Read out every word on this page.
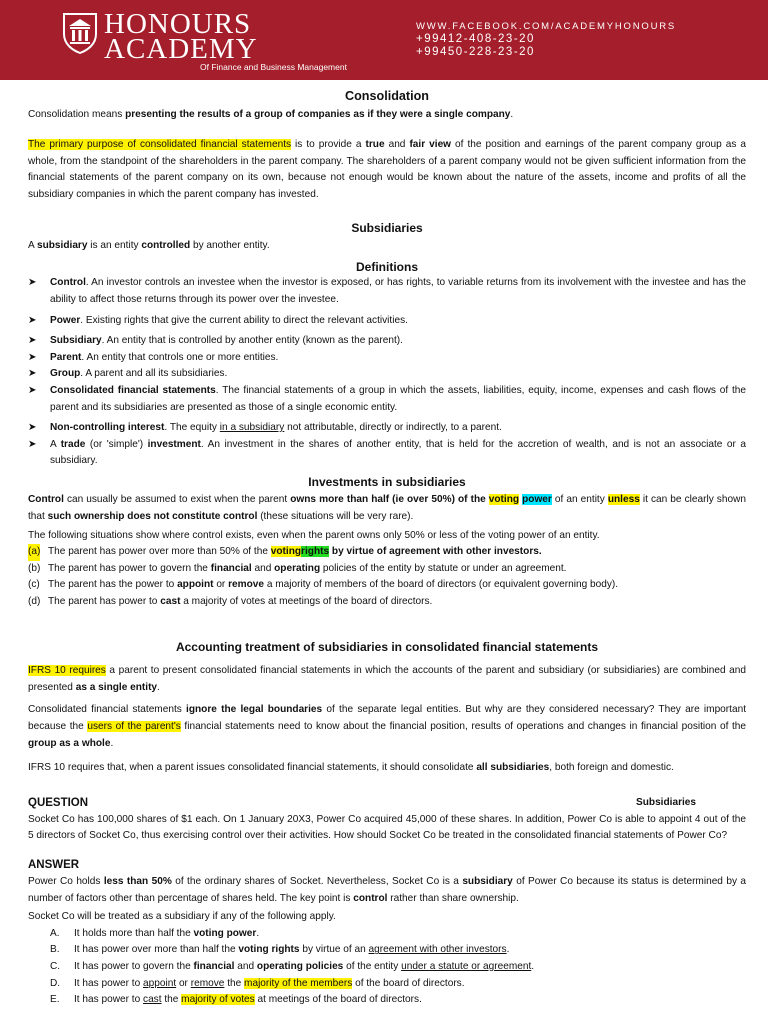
HONOURS
ACADEMY
Of Finance and Business Management
WWW.FACEBOOK.COM/ACADEMYHONOURS
+99412-408-23-20
+99450-228-23-20

Consolidation

Consolidation means presenting the results of a group of companies as if they were a single company.

The primary purpose of consolidated financial statements is to provide a true and fair view of the position and earnings of the parent company group as a whole, from the standpoint of the shareholders in the parent company. The shareholders of a parent company would not be given sufficient information from the financial statements of the parent company on its own, because not enough would be known about the nature of the assets, income and profits of all the subsidiary companies in which the parent company has invested.

Subsidiaries

A subsidiary is an entity controlled by another entity.

Definitions

➤ Control. An investor controls an investee when the investor is exposed, or has rights, to variable returns from its involvement with the investee and has the ability to affect those returns through its power over the investee.
➤ Power. Existing rights that give the current ability to direct the relevant activities.
➤ Subsidiary. An entity that is controlled by another entity (known as the parent).
➤ Parent. An entity that controls one or more entities.
➤ Group. A parent and all its subsidiaries.
➤ Consolidated financial statements. The financial statements of a group in which the assets, liabilities, equity, income, expenses and cash flows of the parent and its subsidiaries are presented as those of a single economic entity.
➤ Non-controlling interest. The equity in a subsidiary not attributable, directly or indirectly, to a parent.
➤ A trade (or 'simple') investment. An investment in the shares of another entity, that is held for the accretion of wealth, and is not an associate or a subsidiary.

Investments in subsidiaries

Control can usually be assumed to exist when the parent owns more than half (ie over 50%) of the voting power of an entity unless it can be clearly shown that such ownership does not constitute control (these situations will be very rare).

The following situations show where control exists, even when the parent owns only 50% or less of the voting power of an entity.

(a) The parent has power over more than 50% of the votingrights by virtue of agreement with other investors.
(b) The parent has power to govern the financial and operating policies of the entity by statute or under an agreement.
(c) The parent has the power to appoint or remove a majority of members of the board of directors (or equivalent governing body).
(d) The parent has power to cast a majority of votes at meetings of the board of directors.

Accounting treatment of subsidiaries in consolidated financial statements

IFRS 10 requires a parent to present consolidated financial statements in which the accounts of the parent and subsidiary (or subsidiaries) are combined and presented as a single entity.

Consolidated financial statements ignore the legal boundaries of the separate legal entities. But why are they considered necessary? They are important because the users of the parent's financial statements need to know about the financial position, results of operations and changes in financial position of the group as a whole.

IFRS 10 requires that, when a parent issues consolidated financial statements, it should consolidate all subsidiaries, both foreign and domestic.

QUESTION	Subsidiaries

Socket Co has 100,000 shares of $1 each. On 1 January 20X3, Power Co acquired 45,000 of these shares. In addition, Power Co is able to appoint 4 out of the 5 directors of Socket Co, thus exercising control over their activities. How should Socket Co be treated in the consolidated financial statements of Power Co?

ANSWER

Power Co holds less than 50% of the ordinary shares of Socket. Nevertheless, Socket Co is a subsidiary of Power Co because its status is determined by a number of factors other than percentage of shares held. The key point is control rather than share ownership.

Socket Co will be treated as a subsidiary if any of the following apply.

A. It holds more than half the voting power.
B. It has power over more than half the voting rights by virtue of an agreement with other investors.
C. It has power to govern the financial and operating policies of the entity under a statute or agreement.
D. It has power to appoint or remove the majority of the members of the board of directors.
E. It has power to cast the majority of votes at meetings of the board of directors.
